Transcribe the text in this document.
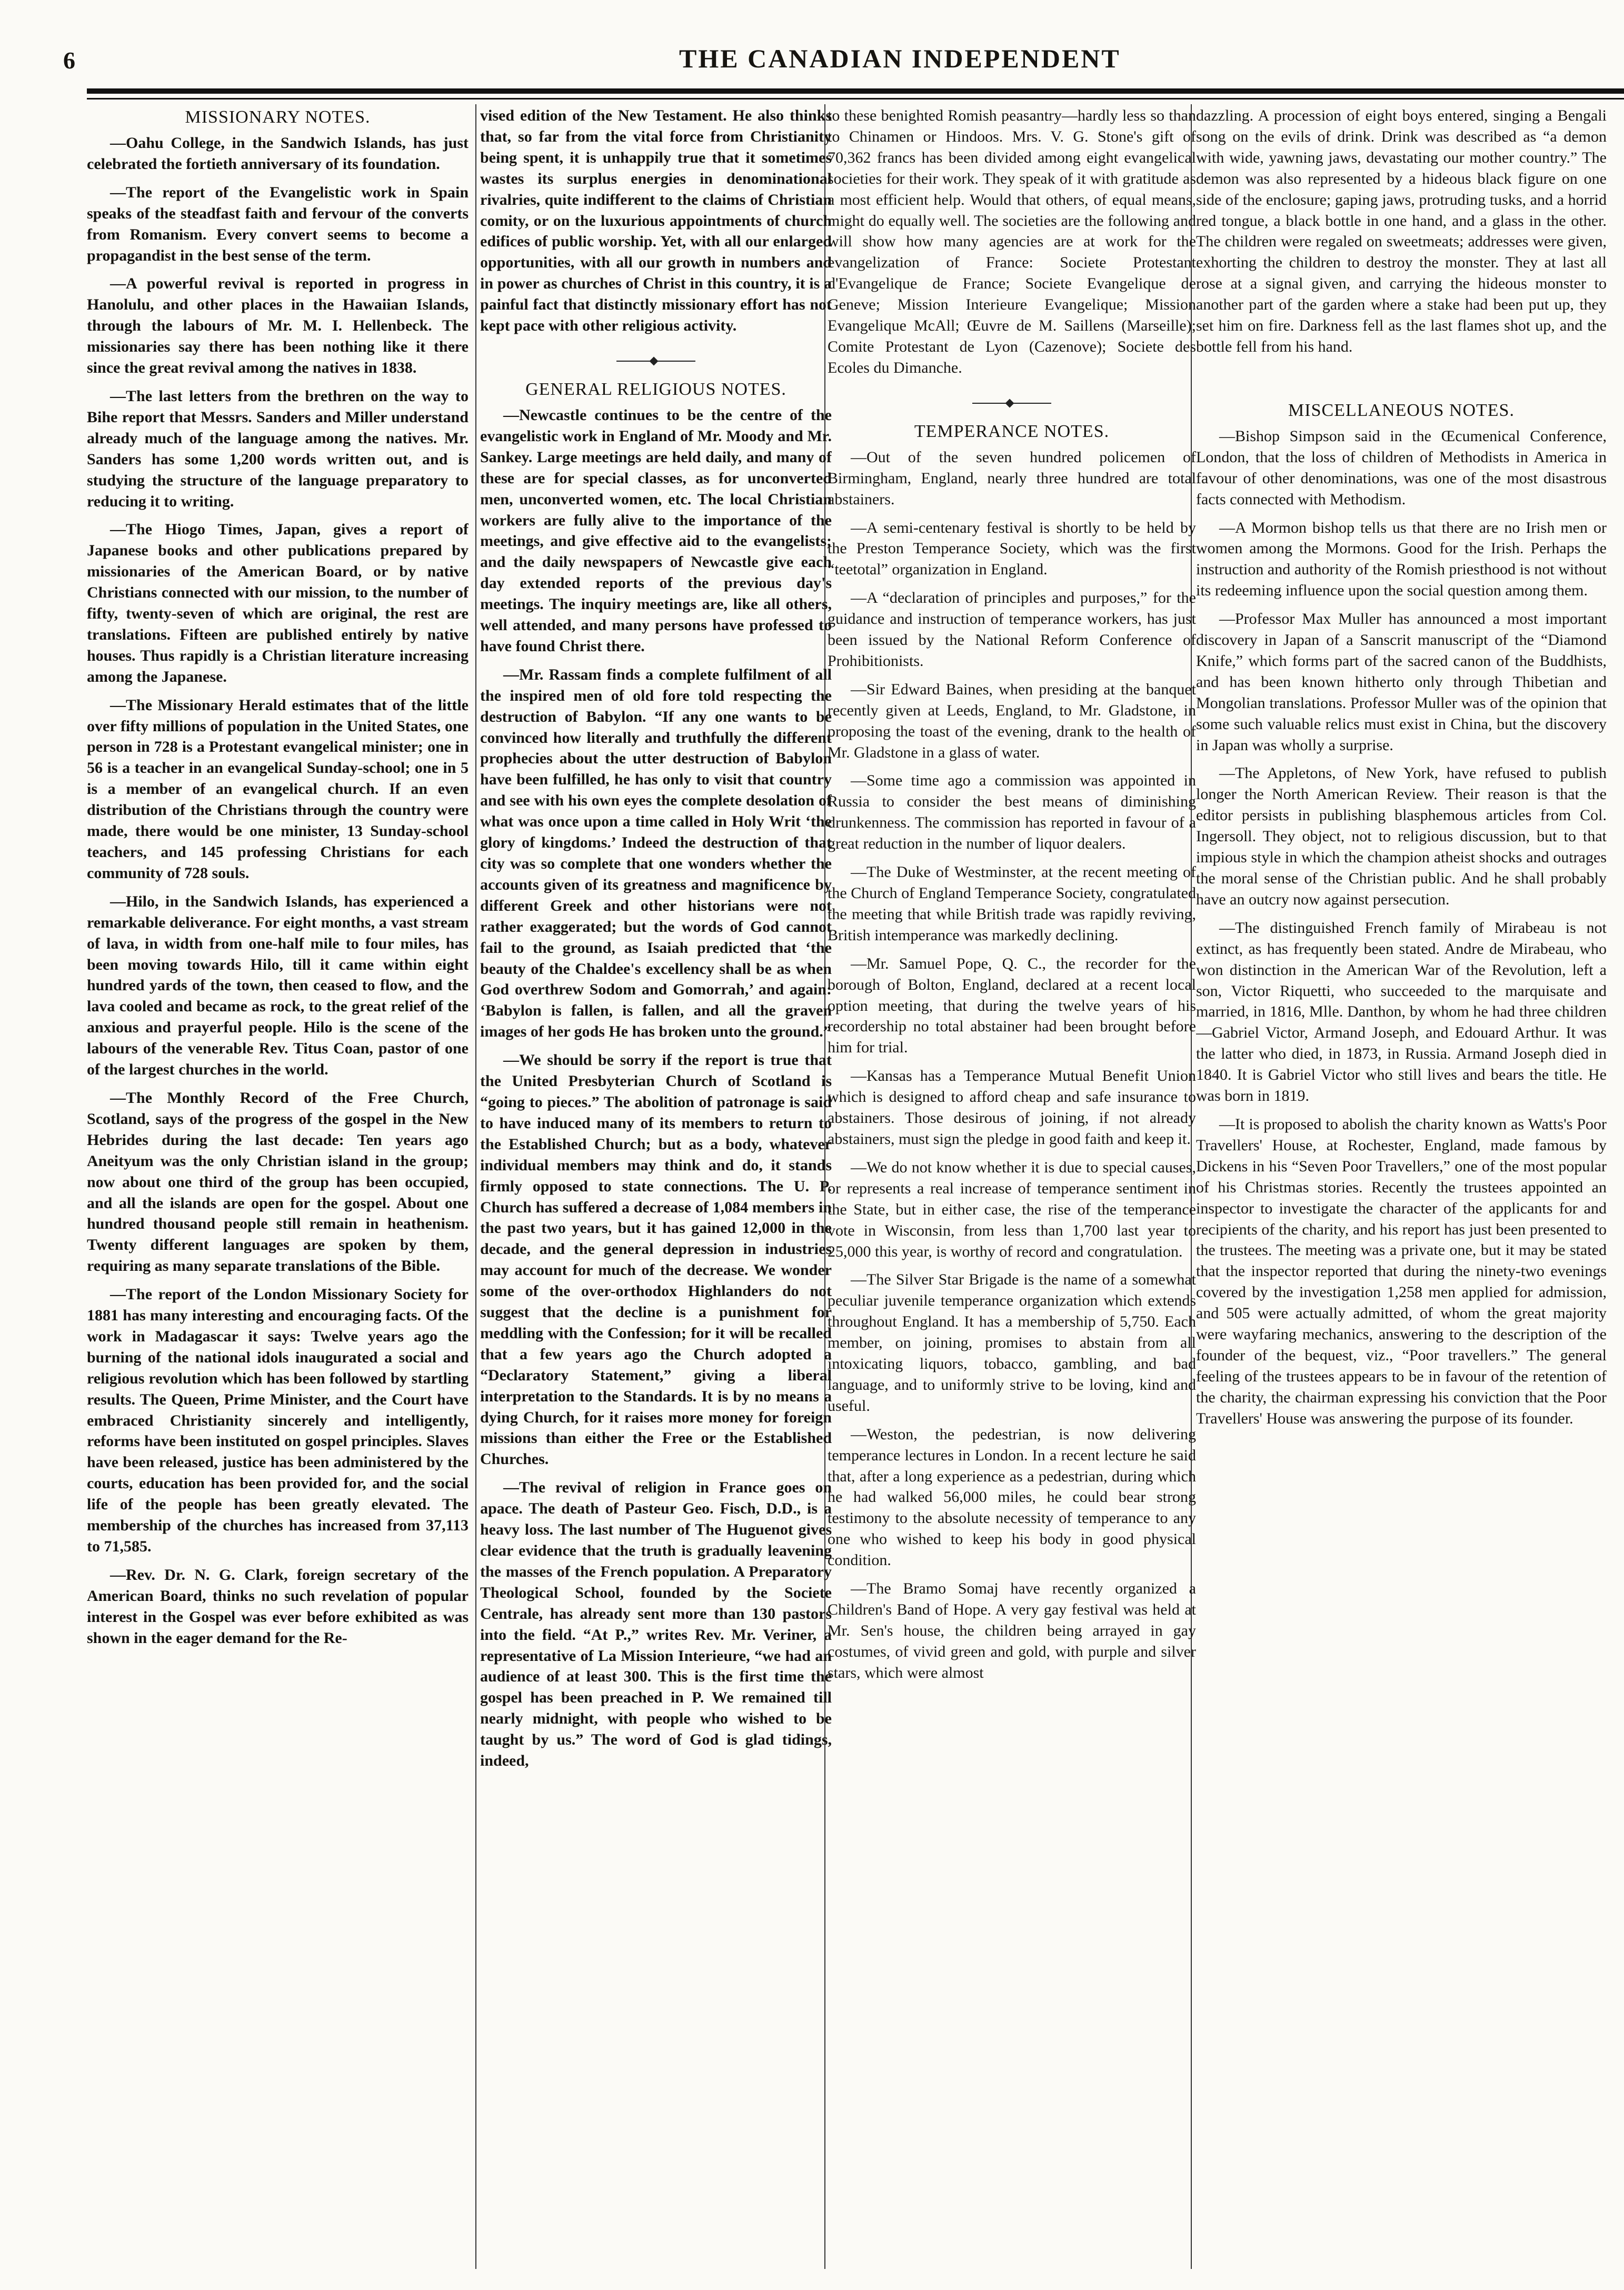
6	THE CANADIAN INDEPENDENT
MISSIONARY NOTES.

—Oahu College, in the Sandwich Islands, has just celebrated the fortieth anniversary of its foundation.

—The report of the Evangelistic work in Spain speaks of the steadfast faith and fervour of the converts from Romanism. Every convert seems to become a propagandist in the best sense of the term.

—A powerful revival is reported in progress in Hanolulu, and other places in the Hawaiian Islands, through the labours of Mr. M. I. Hellenbeck. The missionaries say there has been nothing like it there since the great revival among the natives in 1838.

—The last letters from the brethren on the way to Bihe report that Messrs. Sanders and Miller understand already much of the language among the natives. Mr. Sanders has some 1,200 words written out, and is studying the structure of the language preparatory to reducing it to writing.

—The Hiogo Times, Japan, gives a report of Japanese books and other publications prepared by missionaries of the American Board, or by native Christians connected with our mission, to the number of fifty, twenty-seven of which are original, the rest are translations. Fifteen are published entirely by native houses. Thus rapidly is a Christian literature increasing among the Japanese.

—The Missionary Herald estimates that of the little over fifty millions of population in the United States, one person in 728 is a Protestant evangelical minister; one in 56 is a teacher in an evangelical Sunday-school; one in 5 is a member of an evangelical church. If an even distribution of the Christians through the country were made, there would be one minister, 13 Sunday-school teachers, and 145 professing Christians for each community of 728 souls.

—Hilo, in the Sandwich Islands, has experienced a remarkable deliverance. For eight months, a vast stream of lava, in width from one-half mile to four miles, has been moving towards Hilo, till it came within eight hundred yards of the town, then ceased to flow, and the lava cooled and became as rock, to the great relief of the anxious and prayerful people. Hilo is the scene of the labours of the venerable Rev. Titus Coan, pastor of one of the largest churches in the world.

—The Monthly Record of the Free Church, Scotland, says of the progress of the gospel in the New Hebrides during the last decade: Ten years ago Aneityum was the only Christian island in the group; now about one third of the group has been occupied, and all the islands are open for the gospel. About one hundred thousand people still remain in heathenism. Twenty different languages are spoken by them, requiring as many separate translations of the Bible.

—The report of the London Missionary Society for 1881 has many interesting and encouraging facts. Of the work in Madagascar it says: Twelve years ago the burning of the national idols inaugurated a social and religious revolution which has been followed by startling results. The Queen, Prime Minister, and the Court have embraced Christianity sincerely and intelligently, reforms have been instituted on gospel principles. Slaves have been released, justice has been administered by the courts, education has been provided for, and the social life of the people has been greatly elevated. The membership of the churches has increased from 37,113 to 71,585.

—Rev. Dr. N. G. Clark, foreign secretary of the American Board, thinks no such revelation of popular interest in the Gospel was ever before exhibited as was shown in the eager demand for the Re-

vised edition of the New Testament. He also thinks that, so far from the vital force from Christianity being spent, it is unhappily true that it sometimes wastes its surplus energies in denominational rivalries, quite indifferent to the claims of Christian comity, or on the luxurious appointments of church edifices of public worship. Yet, with all our enlarged opportunities, with all our growth in numbers and in power as churches of Christ in this country, it is a painful fact that distinctly missionary effort has not kept pace with other religious activity.

GENERAL RELIGIOUS NOTES.

—Newcastle continues to be the centre of the evangelistic work in England of Mr. Moody and Mr. Sankey. Large meetings are held daily, and many of these are for special classes, as for unconverted men, unconverted women, etc. The local Christian workers are fully alive to the importance of the meetings, and give effective aid to the evangelists; and the daily newspapers of Newcastle give each day extended reports of the previous day's meetings. The inquiry meetings are, like all others, well attended, and many persons have professed to have found Christ there.

—Mr. Rassam finds a complete fulfilment of all the inspired men of old fore told respecting the destruction of Babylon. “If any one wants to be convinced how literally and truthfully the different prophecies about the utter destruction of Babylon have been fulfilled, he has only to visit that country and see with his own eyes the complete desolation of what was once upon a time called in Holy Writ ‘the glory of kingdoms.’ Indeed the destruction of that city was so complete that one wonders whether the accounts given of its greatness and magnificence by different Greek and other historians were not rather exaggerated; but the words of God cannot fail to the ground, as Isaiah predicted that ‘the beauty of the Chaldee's excellency shall be as when God overthrew Sodom and Gomorrah,’ and again: ‘Babylon is fallen, is fallen, and all the graven images of her gods He has broken unto the ground.”

—We should be sorry if the report is true that the United Presbyterian Church of Scotland is “going to pieces.” The abolition of patronage is said to have induced many of its members to return to the Established Church; but as a body, whatever individual members may think and do, it stands firmly opposed to state connections. The U. P. Church has suffered a decrease of 1,084 members in the past two years, but it has gained 12,000 in the decade, and the general depression in industries may account for much of the decrease. We wonder some of the over-orthodox Highlanders do not suggest that the decline is a punishment for meddling with the Confession; for it will be recalled that a few years ago the Church adopted a “Declaratory Statement,” giving a liberal interpretation to the Standards. It is by no means a dying Church, for it raises more money for foreign missions than either the Free or the Established Churches.

—The revival of religion in France goes on apace. The death of Pasteur Geo. Fisch, D.D., is a heavy loss. The last number of The Huguenot gives clear evidence that the truth is gradually leavening the masses of the French population. A Preparatory Theological School, founded by the Societe Centrale, has already sent more than 130 pastors into the field. “At P.,” writes Rev. Mr. Veriner, a representative of La Mission Interieure, “we had an audience of at least 300. This is the first time the gospel has been preached in P. We remained till nearly midnight, with people who wished to be taught by us.” The word of God is glad tidings, indeed,

to these benighted Romish peasantry—hardly less so than to Chinamen or Hindoos. Mrs. V. G. Stone's gift of 70,362 francs has been divided among eight evangelical societies for their work. They speak of it with gratitude as a most efficient help. Would that others, of equal means, might do equally well. The societies are the following and will show how many agencies are at work for the evangelization of France: Societe Protestant d'Evangelique de France; Societe Evangelique de Geneve; Mission Interieure Evangelique; Mission Evangelique McAll; Œuvre de M. Saillens (Marseille); Comite Protestant de Lyon (Cazenove); Societe des Ecoles du Dimanche.

TEMPERANCE NOTES.

—Out of the seven hundred policemen of Birmingham, England, nearly three hundred are total abstainers.

—A semi-centenary festival is shortly to be held by the Preston Temperance Society, which was the first “teetotal” organization in England.

—A “declaration of principles and purposes,” for the guidance and instruction of temperance workers, has just been issued by the National Reform Conference of Prohibitionists.

—Sir Edward Baines, when presiding at the banquet recently given at Leeds, England, to Mr. Gladstone, in proposing the toast of the evening, drank to the health of Mr. Gladstone in a glass of water.

—Some time ago a commission was appointed in Russia to consider the best means of diminishing drunkenness. The commission has reported in favour of a great reduction in the number of liquor dealers.

—The Duke of Westminster, at the recent meeting of the Church of England Temperance Society, congratulated the meeting that while British trade was rapidly reviving, British intemperance was markedly declining.

—Mr. Samuel Pope, Q. C., the recorder for the borough of Bolton, England, declared at a recent local option meeting, that during the twelve years of his recordership no total abstainer had been brought before him for trial.

—Kansas has a Temperance Mutual Benefit Union which is designed to afford cheap and safe insurance to abstainers. Those desirous of joining, if not already abstainers, must sign the pledge in good faith and keep it.

—We do not know whether it is due to special causes, or represents a real increase of temperance sentiment in the State, but in either case, the rise of the temperance vote in Wisconsin, from less than 1,700 last year to 25,000 this year, is worthy of record and congratulation.

—The Silver Star Brigade is the name of a somewhat peculiar juvenile temperance organization which extends throughout England. It has a membership of 5,750. Each member, on joining, promises to abstain from all intoxicating liquors, tobacco, gambling, and bad language, and to uniformly strive to be loving, kind and useful.

—Weston, the pedestrian, is now delivering temperance lectures in London. In a recent lecture he said that, after a long experience as a pedestrian, during which he had walked 56,000 miles, he could bear strong testimony to the absolute necessity of temperance to any one who wished to keep his body in good physical condition.

—The Bramo Somaj have recently organized a Children's Band of Hope. A very gay festival was held at Mr. Sen's house, the children being arrayed in gay costumes, of vivid green and gold, with purple and silver stars, which were almost

dazzling. A procession of eight boys entered, singing a Bengali song on the evils of drink. Drink was described as “a demon with wide, yawning jaws, devastating our mother country.” The demon was also represented by a hideous black figure on one side of the enclosure; gaping jaws, protruding tusks, and a horrid red tongue, a black bottle in one hand, and a glass in the other. The children were regaled on sweetmeats; addresses were given, exhorting the children to destroy the monster. They at last all rose at a signal given, and carrying the hideous monster to another part of the garden where a stake had been put up, they set him on fire. Darkness fell as the last flames shot up, and the bottle fell from his hand.

MISCELLANEOUS NOTES.

—Bishop Simpson said in the Œcumenical Conference, London, that the loss of children of Methodists in America in favour of other denominations, was one of the most disastrous facts connected with Methodism.

—A Mormon bishop tells us that there are no Irish men or women among the Mormons. Good for the Irish. Perhaps the instruction and authority of the Romish priesthood is not without its redeeming influence upon the social question among them.

—Professor Max Muller has announced a most important discovery in Japan of a Sanscrit manuscript of the “Diamond Knife,” which forms part of the sacred canon of the Buddhists, and has been known hitherto only through Thibetian and Mongolian translations. Professor Muller was of the opinion that some such valuable relics must exist in China, but the discovery in Japan was wholly a surprise.

—The Appletons, of New York, have refused to publish longer the North American Review. Their reason is that the editor persists in publishing blasphemous articles from Col. Ingersoll. They object, not to religious discussion, but to that impious style in which the champion atheist shocks and outrages the moral sense of the Christian public. And he shall probably have an outcry now against persecution.

—The distinguished French family of Mirabeau is not extinct, as has frequently been stated. Andre de Mirabeau, who won distinction in the American War of the Revolution, left a son, Victor Riquetti, who succeeded to the marquisate and married, in 1816, Mlle. Danthon, by whom he had three children—Gabriel Victor, Armand Joseph, and Edouard Arthur. It was the latter who died, in 1873, in Russia. Armand Joseph died in 1840. It is Gabriel Victor who still lives and bears the title. He was born in 1819.

—It is proposed to abolish the charity known as Watts's Poor Travellers' House, at Rochester, England, made famous by Dickens in his “Seven Poor Travellers,” one of the most popular of his Christmas stories. Recently the trustees appointed an inspector to investigate the character of the applicants for and recipients of the charity, and his report has just been presented to the trustees. The meeting was a private one, but it may be stated that the inspector reported that during the ninety-two evenings covered by the investigation 1,258 men applied for admission, and 505 were actually admitted, of whom the great majority were wayfaring mechanics, answering to the description of the founder of the bequest, viz., “Poor travellers.” The general feeling of the trustees appears to be in favour of the retention of the charity, the chairman expressing his conviction that the Poor Travellers' House was answering the purpose of its founder.
